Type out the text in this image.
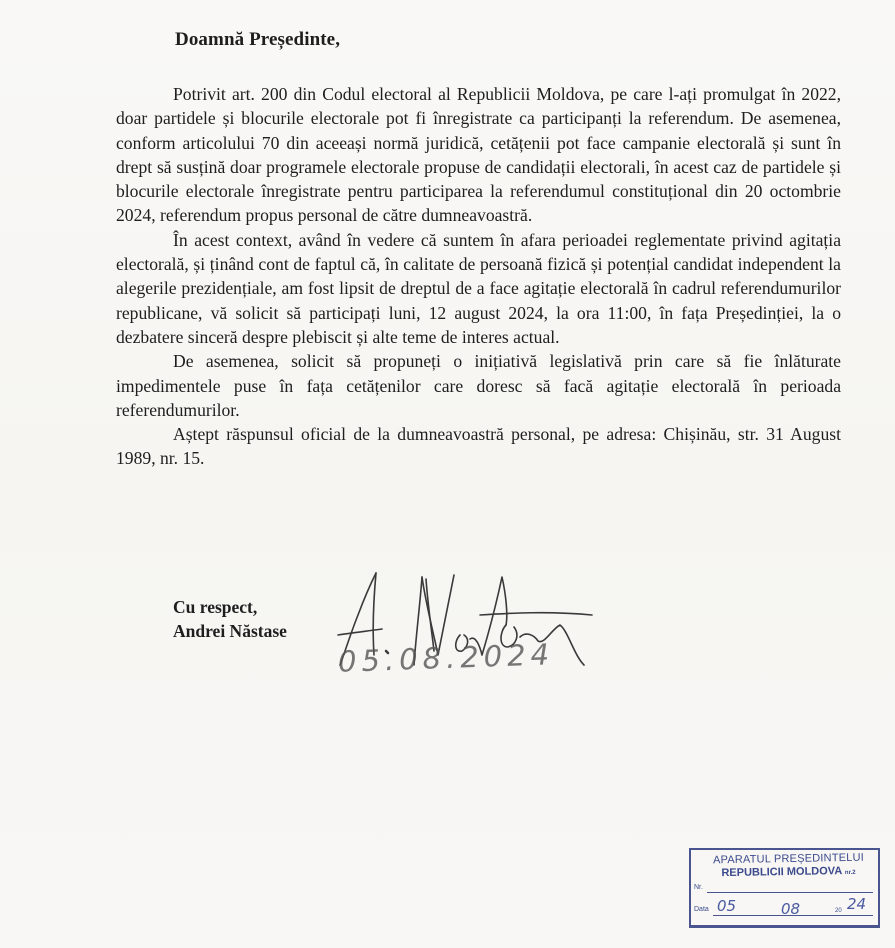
Doamnă Președinte,

Potrivit art. 200 din Codul electoral al Republicii Moldova, pe care l-ați promulgat în 2022, doar partidele și blocurile electorale pot fi înregistrate ca participanți la referendum. De asemenea, conform articolului 70 din aceeași normă juridică, cetățenii pot face campanie electorală și sunt în drept să susțină doar programele electorale propuse de candidații electorali, în acest caz de partidele și blocurile electorale înregistrate pentru participarea la referendumul constituțional din 20 octombrie 2024, referendum propus personal de către dumneavoastră.

În acest context, având în vedere că suntem în afara perioadei reglementate privind agitația electorală, și ținând cont de faptul că, în calitate de persoană fizică și potențial candidat independent la alegerile prezidențiale, am fost lipsit de dreptul de a face agitație electorală în cadrul referendumurilor republicane, vă solicit să participați luni, 12 august 2024, la ora 11:00, în fața Președinției, la o dezbatere sinceră despre plebiscit și alte teme de interes actual.

De asemenea, solicit să propuneți o inițiativă legislativă prin care să fie înlăturate impedimentele puse în fața cetățenilor care doresc să facă agitație electorală în perioada referendumurilor.

Aștept răspunsul oficial de la dumneavoastră personal, pe adresa: Chișinău, str. 31 August 1989, nr. 15.

Cu respect,
Andrei Năstase
05.08.2024
APARATUL PREȘEDINTELUI
REPUBLICII MOLDOVA nr.2
Nr.
Data 05	08	20 24
